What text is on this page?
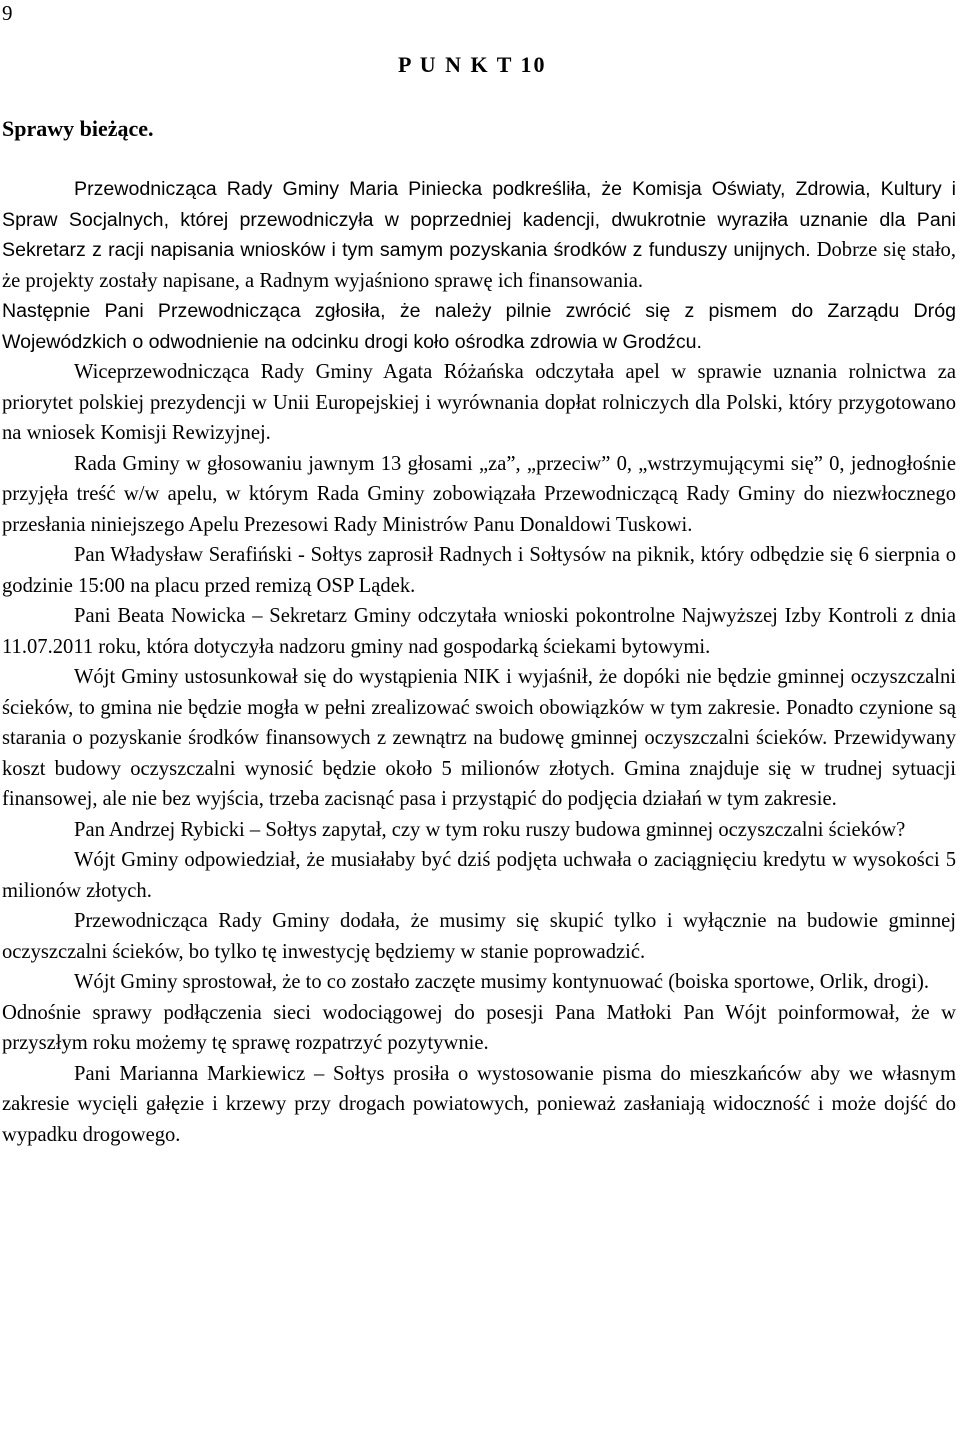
9
P U N K T 10
Sprawy bieżące.

Przewodnicząca Rady Gminy Maria Piniecka podkreśliła, że Komisja Oświaty, Zdrowia, Kultury i Spraw Socjalnych, której przewodniczyła w poprzedniej kadencji, dwukrotnie wyraziła uznanie dla Pani Sekretarz z racji napisania wniosków i tym samym pozyskania środków z funduszy unijnych. Dobrze się stało, że projekty zostały napisane, a Radnym wyjaśniono sprawę ich finansowania.

Następnie Pani Przewodnicząca zgłosiła, że należy pilnie zwrócić się z pismem do Zarządu Dróg Wojewódzkich o odwodnienie na odcinku drogi koło ośrodka zdrowia w Grodźcu.

Wiceprzewodnicząca Rady Gminy Agata Różańska odczytała apel w sprawie uznania rolnictwa za priorytet polskiej prezydencji w Unii Europejskiej i wyrównania dopłat rolniczych dla Polski, który przygotowano na wniosek Komisji Rewizyjnej.

Rada Gminy w głosowaniu jawnym 13 głosami „za”, „przeciw” 0, „wstrzymującymi się” 0, jednogłośnie przyjęła treść w/w apelu, w którym Rada Gminy zobowiązała Przewodniczącą Rady Gminy do niezwłocznego przesłania niniejszego Apelu Prezesowi Rady Ministrów Panu Donaldowi Tuskowi.

Pan Władysław Serafiński - Sołtys zaprosił Radnych i Sołtysów na piknik, który odbędzie się 6 sierpnia o godzinie 15:00 na placu przed remizą OSP Lądek.

Pani Beata Nowicka – Sekretarz Gminy odczytała wnioski pokontrolne Najwyższej Izby Kontroli z dnia 11.07.2011 roku, która dotyczyła nadzoru gminy nad gospodarką ściekami bytowymi.

Wójt Gminy ustosunkował się do wystąpienia NIK i wyjaśnił, że dopóki nie będzie gminnej oczyszczalni ścieków, to gmina nie będzie mogła w pełni zrealizować swoich obowiązków w tym zakresie. Ponadto czynione są starania o pozyskanie środków finansowych z zewnątrz na budowę gminnej oczyszczalni ścieków. Przewidywany koszt budowy oczyszczalni wynosić będzie około 5 milionów złotych. Gmina znajduje się w trudnej sytuacji finansowej, ale nie bez wyjścia, trzeba zacisnąć pasa i przystąpić do podjęcia działań w tym zakresie.

Pan Andrzej Rybicki – Sołtys zapytał, czy w tym roku ruszy budowa gminnej oczyszczalni ścieków?

Wójt Gminy odpowiedział, że musiałaby być dziś podjęta uchwała o zaciągnięciu kredytu w wysokości 5 milionów złotych.

Przewodnicząca Rady Gminy dodała, że musimy się skupić tylko i wyłącznie na budowie gminnej oczyszczalni ścieków, bo tylko tę inwestycję będziemy w stanie poprowadzić.

Wójt Gminy sprostował, że to co zostało zaczęte musimy kontynuować (boiska sportowe, Orlik, drogi).

Odnośnie sprawy podłączenia sieci wodociągowej do posesji Pana Matłoki Pan Wójt poinformował, że w przyszłym roku możemy tę sprawę rozpatrzyć pozytywnie.

Pani Marianna Markiewicz – Sołtys prosiła o wystosowanie pisma do mieszkańców aby we własnym zakresie wycięli gałęzie i krzewy przy drogach powiatowych, ponieważ zasłaniają widoczność i może dojść do wypadku drogowego.
